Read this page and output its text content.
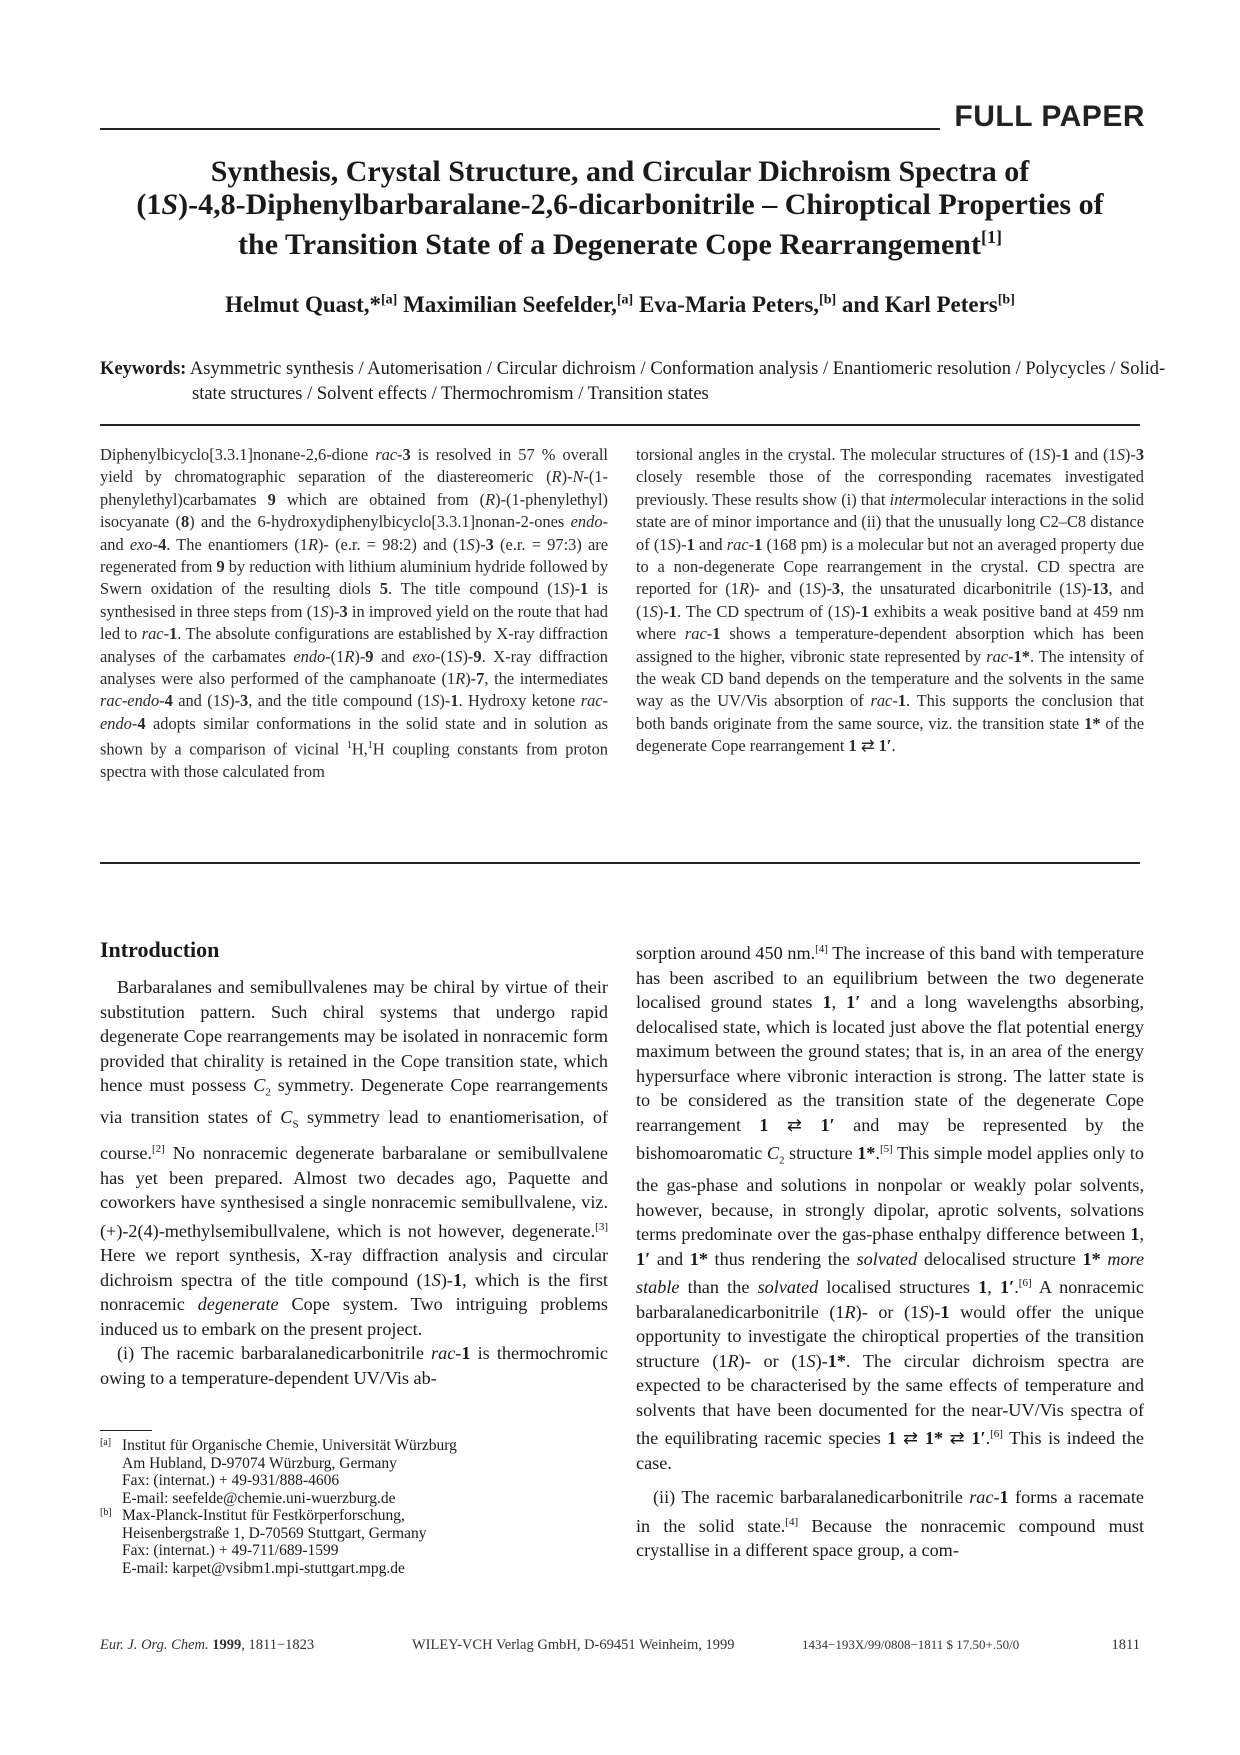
FULL PAPER
Synthesis, Crystal Structure, and Circular Dichroism Spectra of
(1S)-4,8-Diphenylbarbaralane-2,6-dicarbonitrile – Chiroptical Properties of
the Transition State of a Degenerate Cope Rearrangement[1]
Helmut Quast,*[a] Maximilian Seefelder,[a] Eva-Maria Peters,[b] and Karl Peters[b]
Keywords: Asymmetric synthesis / Automerisation / Circular dichroism / Conformation analysis / Enantiomeric resolution / Polycycles / Solid-state structures / Solvent effects / Thermochromism / Transition states
Diphenylbicyclo[3.3.1]nonane-2,6-dione rac-3 is resolved in 57 % overall yield by chromatographic separation of the diastereomeric (R)-N-(1-phenylethyl)carbamates 9 which are obtained from (R)-(1-phenylethyl) isocyanate (8) and the 6-hydroxydiphenylbicyclo[3.3.1]nonan-2-ones endo- and exo-4. The enantiomers (1R)- (e.r. = 98:2) and (1S)-3 (e.r. = 97:3) are regenerated from 9 by reduction with lithium aluminium hydride followed by Swern oxidation of the resulting diols 5. The title compound (1S)-1 is synthesised in three steps from (1S)-3 in improved yield on the route that had led to rac-1. The absolute configurations are established by X-ray diffraction analyses of the carbamates endo-(1R)-9 and exo-(1S)-9. X-ray diffraction analyses were also performed of the camphanoate (1R)-7, the intermediates rac-endo-4 and (1S)-3, and the title compound (1S)-1. Hydroxy ketone rac-endo-4 adopts similar conformations in the solid state and in solution as shown by a comparison of vicinal $^1$H,$^1$H coupling constants from proton spectra with those calculated from
torsional angles in the crystal. The molecular structures of (1S)-1 and (1S)-3 closely resemble those of the corresponding racemates investigated previously. These results show (i) that intermolecular interactions in the solid state are of minor importance and (ii) that the unusually long C2–C8 distance of (1S)-1 and rac-1 (168 pm) is a molecular but not an averaged property due to a non-degenerate Cope rearrangement in the crystal. CD spectra are reported for (1R)- and (1S)-3, the unsaturated dicarbonitrile (1S)-13, and (1S)-1. The CD spectrum of (1S)-1 exhibits a weak positive band at 459 nm where rac-1 shows a temperature-dependent absorption which has been assigned to the higher, vibronic state represented by rac-1*. The intensity of the weak CD band depends on the temperature and the solvents in the same way as the UV/Vis absorption of rac-1. This supports the conclusion that both bands originate from the same source, viz. the transition state 1* of the degenerate Cope rearrangement 1 ⇄ 1′.
Introduction

Barbaralanes and semibullvalenes may be chiral by virtue of their substitution pattern. Such chiral systems that undergo rapid degenerate Cope rearrangements may be isolated in nonracemic form provided that chirality is retained in the Cope transition state, which hence must possess $C_2$ symmetry. Degenerate Cope rearrangements via transition states of $C_S$ symmetry lead to enantiomerisation, of course.[2] No nonracemic degenerate barbaralane or semibullvalene has yet been prepared. Almost two decades ago, Paquette and coworkers have synthesised a single nonracemic semibullvalene, viz. (+)-2(4)-methylsemibullvalene, which is not however, degenerate.[3] Here we report synthesis, X-ray diffraction analysis and circular dichroism spectra of the title compound (1S)-1, which is the first nonracemic degenerate Cope system. Two intriguing problems induced us to embark on the present project.

(i) The racemic barbaralanedicarbonitrile rac-1 is thermochromic owing to a temperature-dependent UV/Vis ab-

[a] Institut für Organische Chemie, Universität Würzburg
Am Hubland, D-97074 Würzburg, Germany
Fax: (internat.) + 49-931/888-4606
E-mail: seefelde@chemie.uni-wuerzburg.de
[b] Max-Planck-Institut für Festkörperforschung,
Heisenbergstraße 1, D-70569 Stuttgart, Germany
Fax: (internat.) + 49-711/689-1599
E-mail: karpet@vsibm1.mpi-stuttgart.mpg.de

sorption around 450 nm.[4] The increase of this band with temperature has been ascribed to an equilibrium between the two degenerate localised ground states 1, 1′ and a long wavelengths absorbing, delocalised state, which is located just above the flat potential energy maximum between the ground states; that is, in an area of the energy hypersurface where vibronic interaction is strong. The latter state is to be considered as the transition state of the degenerate Cope rearrangement 1 ⇄ 1′ and may be represented by the bishomoaromatic $C_2$ structure 1*.[5] This simple model applies only to the gas-phase and solutions in nonpolar or weakly polar solvents, however, because, in strongly dipolar, aprotic solvents, solvations terms predominate over the gas-phase enthalpy difference between 1, 1′ and 1* thus rendering the solvated delocalised structure 1* more stable than the solvated localised structures 1, 1′.[6] A nonracemic barbaralanedicarbonitrile (1R)- or (1S)-1 would offer the unique opportunity to investigate the chiroptical properties of the transition structure (1R)- or (1S)-1*. The circular dichroism spectra are expected to be characterised by the same effects of temperature and solvents that have been documented for the near-UV/Vis spectra of the equilibrating racemic species 1 ⇄ 1* ⇄ 1′.[6] This is indeed the case.

(ii) The racemic barbaralanedicarbonitrile rac-1 forms a racemate in the solid state.[4] Because the nonracemic compound must crystallise in a different space group, a com-

Eur. J. Org. Chem. 1999 , 1811−1823	WILEY-VCH Verlag GmbH, D-69451 Weinheim, 1999	1434−193X/99/0808−1811 $ 17.50+.50/0	1811
